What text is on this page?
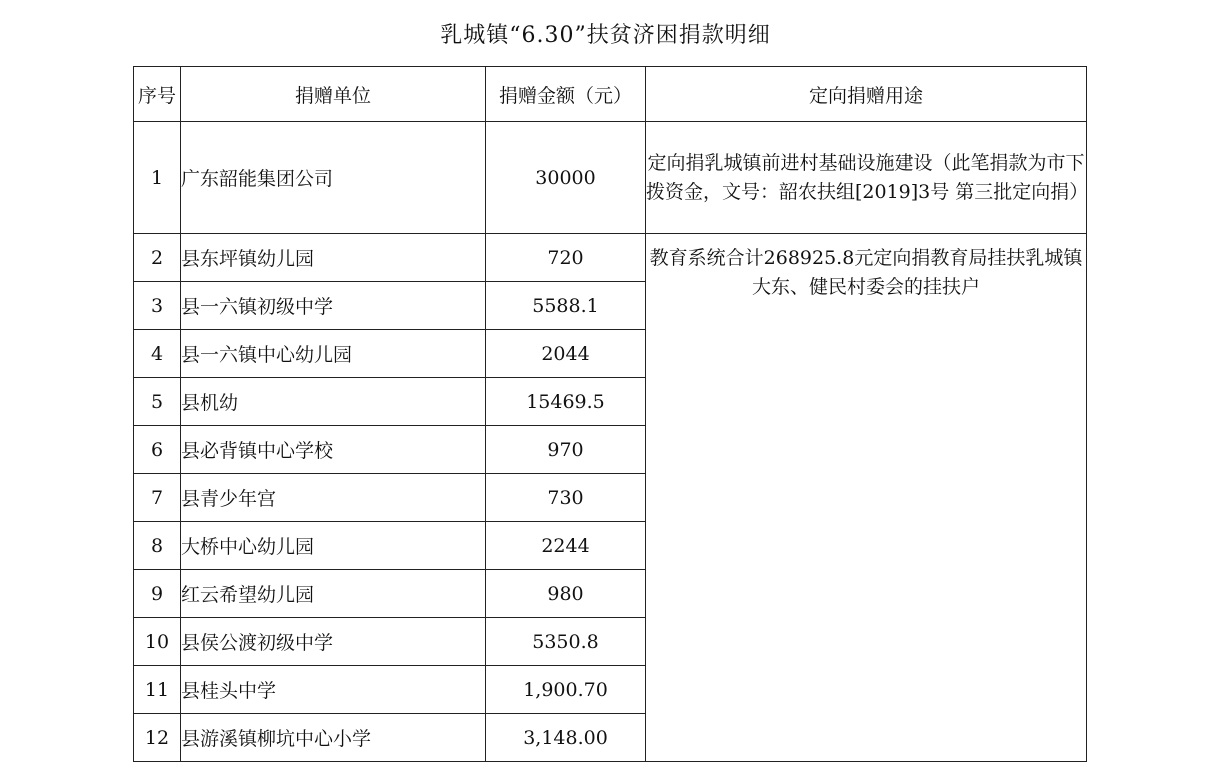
乳城镇“6.30”扶贫济困捐款明细
序号	捐赠单位	捐赠金额（元）	定向捐赠用途
1	广东韶能集团公司	30000	定向捐乳城镇前进村基础设施建设（此笔捐款为市下拨资金，文号：韶农扶组[2019]3号 第三批定向捐）
2	县东坪镇幼儿园	720	教育系统合计268925.8元定向捐教育局挂扶乳城镇大东、健民村委会的挂扶户
3	县一六镇初级中学	5588.1	
4	县一六镇中心幼儿园	2044	
5	县机幼	15469.5	
6	县必背镇中心学校	970	
7	县青少年宫	730	
8	大桥中心幼儿园	2244	
9	红云希望幼儿园	980	
10	县侯公渡初级中学	5350.8	
11	县桂头中学	1,900.70	
12	县游溪镇柳坑中心小学	3,148.00	
